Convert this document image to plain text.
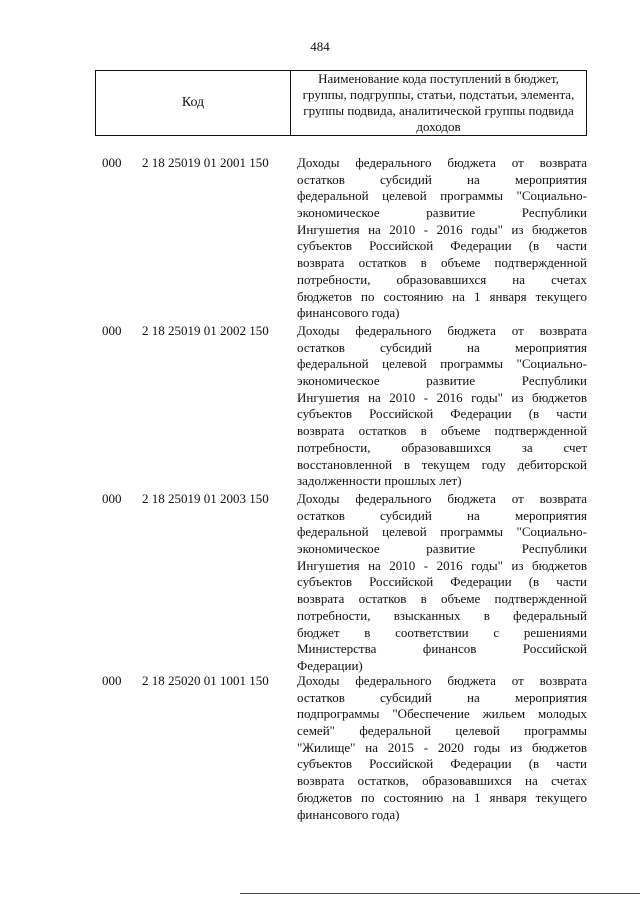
484
Код
Наименование кода поступлений в бюджет, группы, подгруппы, статьи, подстатьи, элемента, группы подвида, аналитической группы подвида доходов
000 2 18 25019 01 2001 150 Доходы федерального бюджета от возврата
остатков субсидий на мероприятия
федеральной целевой программы "Социально-
экономическое развитие Республики
Ингушетия на 2010 - 2016 годы" из бюджетов
субъектов Российской Федерации (в части
возврата остатков в объеме подтвержденной
потребности, образовавшихся на счетах
бюджетов по состоянию на 1 января текущего
финансового года)
000 2 18 25019 01 2002 150 Доходы федерального бюджета от возврата
остатков субсидий на мероприятия
федеральной целевой программы "Социально-
экономическое развитие Республики
Ингушетия на 2010 - 2016 годы" из бюджетов
субъектов Российской Федерации (в части
возврата остатков в объеме подтвержденной
потребности, образовавшихся за счет
восстановленной в текущем году дебиторской
задолженности прошлых лет)
000 2 18 25019 01 2003 150 Доходы федерального бюджета от возврата
остатков субсидий на мероприятия
федеральной целевой программы "Социально-
экономическое развитие Республики
Ингушетия на 2010 - 2016 годы" из бюджетов
субъектов Российской Федерации (в части
возврата остатков в объеме подтвержденной
потребности, взысканных в федеральный
бюджет в соответствии с решениями
Министерства финансов Российской
Федерации)
000 2 18 25020 01 1001 150 Доходы федерального бюджета от возврата
остатков субсидий на мероприятия
подпрограммы "Обеспечение жильем молодых
семей" федеральной целевой программы
"Жилище" на 2015 - 2020 годы из бюджетов
субъектов Российской Федерации (в части
возврата остатков, образовавшихся на счетах
бюджетов по состоянию на 1 января текущего
финансового года)
